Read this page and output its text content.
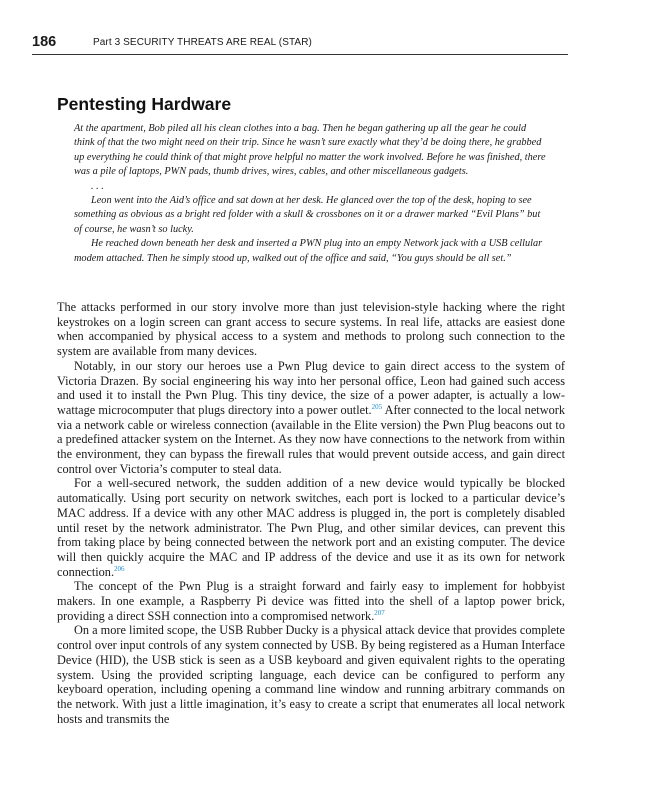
186	Part 3 SECURITY THREATS ARE REAL (STAR)
Pentesting Hardware

At the apartment, Bob piled all his clean clothes into a bag. Then he began gathering up all the gear he could think of that the two might need on their trip. Since he wasn’t sure exactly what they’d be doing there, he grabbed up everything he could think of that might prove helpful no matter the work involved. Before he was finished, there was a pile of laptops, PWN pads, thumb drives, wires, cables, and other miscellaneous gadgets.

. . .

Leon went into the Aid’s office and sat down at her desk. He glanced over the top of the desk, hoping to see something as obvious as a bright red folder with a skull & crossbones on it or a drawer marked “Evil Plans” but of course, he wasn’t so lucky.

He reached down beneath her desk and inserted a PWN plug into an empty Network jack with a USB cellular modem attached. Then he simply stood up, walked out of the office and said, “You guys should be all set.”

The attacks performed in our story involve more than just television-style hacking where the right keystrokes on a login screen can grant access to secure systems. In real life, attacks are easiest done when accompanied by physical access to a system and methods to prolong such connection to the system are available from many devices.

Notably, in our story our heroes use a Pwn Plug device to gain direct access to the system of Victoria Drazen. By social engineering his way into her personal office, Leon had gained such access and used it to install the Pwn Plug. This tiny device, the size of a power adapter, is actually a low-wattage microcomputer that plugs directory into a power outlet.$^{205}$ After connected to the local network via a network cable or wireless connection (available in the Elite version) the Pwn Plug beacons out to a predefined attacker system on the Internet. As they now have connections to the network from within the environment, they can bypass the firewall rules that would prevent outside access, and gain direct control over Victoria’s computer to steal data.

For a well-secured network, the sudden addition of a new device would typically be blocked automatically. Using port security on network switches, each port is locked to a particular device’s MAC address. If a device with any other MAC address is plugged in, the port is completely disabled until reset by the network administrator. The Pwn Plug, and other similar devices, can prevent this from taking place by being connected between the network port and an existing computer. The device will then quickly acquire the MAC and IP address of the device and use it as its own for network connection.$^{206}$

The concept of the Pwn Plug is a straight forward and fairly easy to implement for hobbyist makers. In one example, a Raspberry Pi device was fitted into the shell of a laptop power brick, providing a direct SSH connection into a compromised network.$^{207}$

On a more limited scope, the USB Rubber Ducky is a physical attack device that provides complete control over input controls of any system connected by USB. By being registered as a Human Interface Device (HID), the USB stick is seen as a USB keyboard and given equivalent rights to the operating system. Using the provided scripting language, each device can be configured to perform any keyboard operation, including opening a command line window and running arbitrary commands on the network. With just a little imagination, it’s easy to create a script that enumerates all local network hosts and transmits the
